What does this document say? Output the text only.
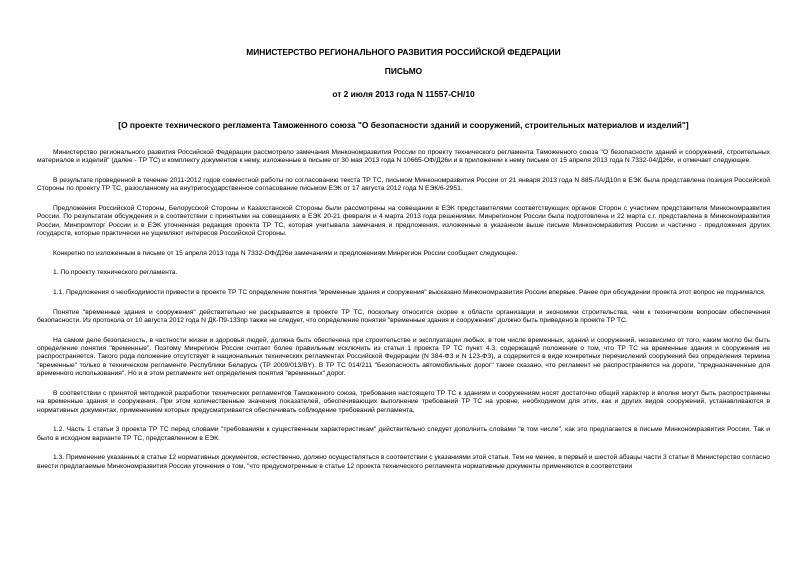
МИНИСТЕРСТВО РЕГИОНАЛЬНОГО РАЗВИТИЯ РОССИЙСКОЙ ФЕДЕРАЦИИ
ПИСЬМО
от 2 июля 2013 года N 11557-СН/10
[О проекте технического регламента Таможенного союза "О безопасности зданий и сооружений, строительных материалов и изделий"]

Министерство регионального развития Российской Федерации рассмотрело замечания Минкономразвития России по проекту технического регламента Таможенного союза "О безопасности зданий и сооружений, строительных материалов и изделий" (далее - ТР ТС) и комплекту документов к нему, изложенные в письме от 30 мая 2013 года N 10665-ОФ/Д26и и в приложении к нему письме от 15 апреля 2013 года N 7332-04/Д26и, и отмечает следующее.

В результате проведенной в течение 2011-2012 годов совместной работы по согласованию текста ТР ТС, письмом Минкономразвития России от 21 января 2013 года N 885-ЛА/Д10п в ЕЭК была представлена позиция Российской Стороны по проекту ТР ТС, разосланному на внутригосударственное согласование письмом ЕЭК от 17 августа 2012 года N ЕЭК/6-2951.

Предложения Российской Стороны, Белорусской Стороны и Казахстанской Стороны были рассмотрены на совещании в ЕЭК представителями соответствующих органов Сторон с участием представителя Минкономразвития России. По результатам обсуждения и в соответствии с принятыми на совещаниях в ЕЭК 20-21 февраля и 4 марта 2013 года решениями, Минрегионом России была подготовлена и 22 марта с.г. представлена в Минкономразвития России, Минпромторг России и в ЕЭК уточненная редакция проекта ТР ТС, которая учитывала замечания и предложения, изложенные в указанном выше письме Минкономразвития России и частично - предложения других государств, которые практически не ущемляют интересов Российской Стороны.

Конкретно по изложенным в письме от 15 апреля 2013 года N 7332-ОФ/Д26и замечаниям и предложениям Минрегион России сообщает следующее.

1. По проекту технического регламента.

1.1. Предложения о необходимости привести в проекте ТР ТС определение понятия "временные здания и сооружения" высказано Минкономразвития России впервые. Ранее при обсуждении проекта этот вопрос не поднимался.

Понятие "временные здания и сооружения" действительно не раскрывается в проекте ТР ТС, поскольку относится скорее к области организации и экономики строительства, чем к техническим вопросам обеспечения безопасности. Из протокола от 10 августа 2012 года N ДК-П9-133пр также не следует, что определение понятия "временные здания и сооружения" должно быть приведено в проекте ТР ТС.

На самом деле безопасность, в частности жизни и здоровья людей, должна быть обеспечена при строительстве и эксплуатации любых, в том числе временных, зданий и сооружений, независимо от того, каким могло бы быть определение понятия "временные". Поэтому Минрегион России считает более правильным исключить из статьи 1 проекта ТР ТС пункт 4.3, содержащий положение о том, что ТР ТС на временные здания и сооружения не распространяется. Такого рода положение отсутствует в национальных технических регламентах Российской Федерации (N 384-ФЗ и N 123-ФЗ), а содержится в виде конкретных перечислений сооружений без определения термина "временные" только в техническом регламенте Республики Беларусь (ТР 2009/013/BY). В ТР ТС 014/211 "Безопасность автомобильных дорог" также сказано, что регламент не распространяется на дороги, "предназначенные для временного использования". Но и в этом регламенте нет определения понятия "временных" дорог.

В соответствии с принятой методикой разработки технических регламентов Таможенного союза, требования настоящего ТР ТС к зданиям и сооружениям носят достаточно общий характер и вполне могут быть распространены на временные здания и сооружения. При этом количественные значения показателей, обеспечивающих выполнение требований ТР ТС на уровне, необходимом для этих, как и других видов сооружений, устанавливаются в нормативных документах, применением которых предусматривается обеспечивать соблюдение требований регламента.

1.2. Часть 1 статьи 3 проекта ТР ТС перед словами "требованиям к существенным характеристикам" действительно следует дополнить словами "в том числе", как это предлагается в письме Минкономразвития России. Так и было в исходном варианте ТР ТС, представленном в ЕЭК.

1.3. Применение указанных в статье 12 нормативных документов, естественно, должно осуществляться в соответствии с указаниями этой статьи. Тем не менее, в первый и шестой абзацы части 3 статьи 8 Министерство согласно внести предлагаемые Минкономразвития России уточнения о том, "что предусмотренные в статье 12 проекта технического регламента нормативные документы применяются в соответствии
